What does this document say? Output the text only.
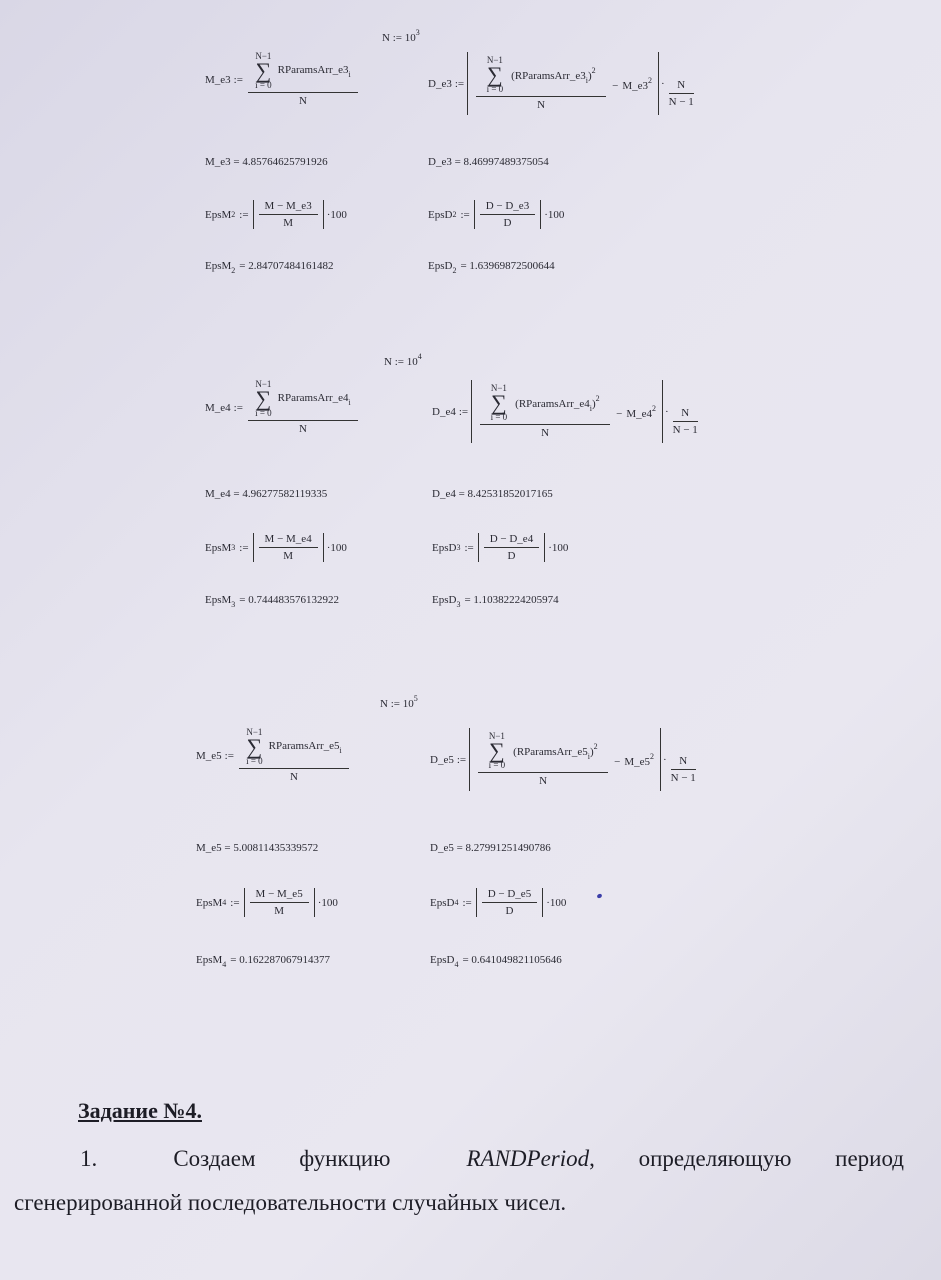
N := $10^3$
M_e3 := N−1
∑
i = 0
$RParamsArr\_e3_i$
N	D_e3 := N−1
∑
i = 0
$(RParamsArr\_e3_i)^2$
$N - M\_e3^2 \cdot \frac{N}{N - 1}$
M_e3 = 4.85764625791926	D_e3 = 8.46997489375054
EpsM 2 := $\frac{M - M\_e3}{M} \cdot 100$	EpsD 2 := $\frac{D - D\_e3}{D} \cdot 100$
EpsM$_2$ = 2.84707484161482	EpsD$_2$ = 1.63969872500644
N := $10^4$
M_e4 := N−1
∑
i = 0
$RParamsArr\_e4_i$
N	D_e4 := N−1
∑
i = 0
$(RParamsArr\_e4_i)^2$
$N - M\_e4^2 \cdot \frac{N}{N - 1}$
M_e4 = 4.96277582119335	D_e4 = 8.42531852017165
EpsM 3 := $\frac{M - M\_e4}{M} \cdot 100$	EpsD 3 := $\frac{D - D\_e4}{D} \cdot 100$
EpsM$_3$ = 0.744483576132922	EpsD$_3$ = 1.10382224205974
N := $10^5$
M_e5 := N−1
∑
i = 0
$RParamsArr\_e5_i$
N	D_e5 := N−1
∑
i = 0
$(RParamsArr\_e5_i)^2$
$N - M\_e5^2 \cdot \frac{N}{N - 1}$
M_e5 = 5.00811435339572	D_e5 = 8.27991251490786
EpsM 4 := $\frac{M - M\_e5}{M} \cdot 100$	EpsD 4 := $\frac{D - D\_e5}{D} \cdot 100$
EpsM$_4$ = 0.162287067914377	EpsD$_4$ = 0.641049821105646
Задание №4.
1.	Создаем функцию	RANDPeriod, определяющую период
сгенерированной последовательности случайных чисел.
